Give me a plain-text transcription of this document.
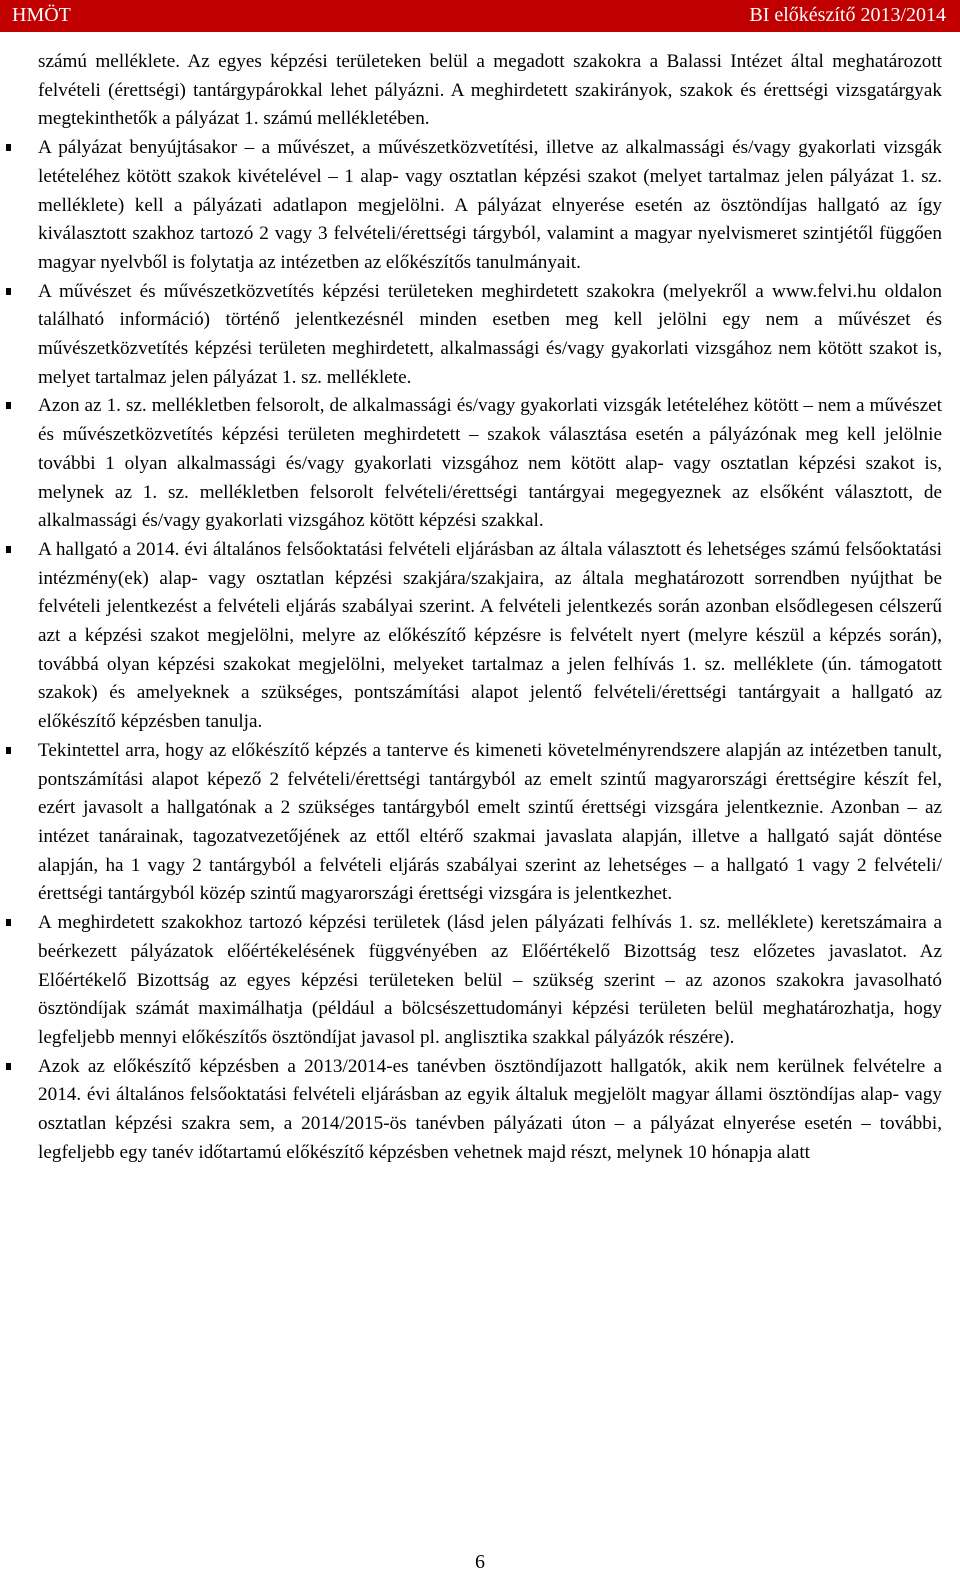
HMÖT	BI előkészítő 2013/2014

számú melléklete. Az egyes képzési területeken belül a megadott szakokra a Balassi Intézet által meghatározott felvételi (érettségi) tantárgypárokkal lehet pályázni. A meghirdetett szakirányok, szakok és érettségi vizsgatárgyak megtekinthetők a pályázat 1. számú mellékletében.

A pályázat benyújtásakor – a művészet, a művészetközvetítési, illetve az alkalmassági és/vagy gyakorlati vizsgák letételéhez kötött szakok kivételével – 1 alap- vagy osztatlan képzési szakot (melyet tartalmaz jelen pályázat 1. sz. melléklete) kell a pályázati adatlapon megjelölni. A pályázat elnyerése esetén az ösztöndíjas hallgató az így kiválasztott szakhoz tartozó 2 vagy 3 felvételi/érettségi tárgyból, valamint a magyar nyelvismeret szintjétől függően magyar nyelvből is folytatja az intézetben az előkészítős tanulmányait.
A művészet és művészetközvetítés képzési területeken meghirdetett szakokra (melyekről a www.felvi.hu oldalon található információ) történő jelentkezésnél minden esetben meg kell jelölni egy nem a művészet és művészetközvetítés képzési területen meghirdetett, alkalmassági és/vagy gyakorlati vizsgához nem kötött szakot is, melyet tartalmaz jelen pályázat 1. sz. melléklete.
Azon az 1. sz. mellékletben felsorolt, de alkalmassági és/vagy gyakorlati vizsgák letételéhez kötött – nem a művészet és művészetközvetítés képzési területen meghirdetett – szakok választása esetén a pályázónak meg kell jelölnie további 1 olyan alkalmassági és/vagy gyakorlati vizsgához nem kötött alap- vagy osztatlan képzési szakot is, melynek az 1. sz. mellékletben felsorolt felvételi/érettségi tantárgyai megegyeznek az elsőként választott, de alkalmassági és/vagy gyakorlati vizsgához kötött képzési szakkal.
A hallgató a 2014. évi általános felsőoktatási felvételi eljárásban az általa választott és lehetséges számú felsőoktatási intézmény(ek) alap- vagy osztatlan képzési szakjára/szakjaira, az általa meghatározott sorrendben nyújthat be felvételi jelentkezést a felvételi eljárás szabályai szerint. A felvételi jelentkezés során azonban elsődlegesen célszerű azt a képzési szakot megjelölni, melyre az előkészítő képzésre is felvételt nyert (melyre készül a képzés során), továbbá olyan képzési szakokat megjelölni, melyeket tartalmaz a jelen felhívás 1. sz. melléklete (ún. támogatott szakok) és amelyeknek a szükséges, pontszámítási alapot jelentő felvételi/érettségi tantárgyait a hallgató az előkészítő képzésben tanulja.
Tekintettel arra, hogy az előkészítő képzés a tanterve és kimeneti követelményrendszere alapján az intézetben tanult, pontszámítási alapot képező 2 felvételi/érettségi tantárgyból az emelt szintű magyarországi érettségire készít fel, ezért javasolt a hallgatónak a 2 szükséges tantárgyból emelt szintű érettségi vizsgára jelentkeznie. Azonban – az intézet tanárainak, tagozatvezetőjének az ettől eltérő szakmai javaslata alapján, illetve a hallgató saját döntése alapján, ha 1 vagy 2 tantárgyból a felvételi eljárás szabályai szerint az lehetséges – a hallgató 1 vagy 2 felvételi/érettségi tantárgyból közép szintű magyarországi érettségi vizsgára is jelentkezhet.
A meghirdetett szakokhoz tartozó képzési területek (lásd jelen pályázati felhívás 1. sz. melléklete) keretszámaira a beérkezett pályázatok előértékelésének függvényében az Előértékelő Bizottság tesz előzetes javaslatot. Az Előértékelő Bizottság az egyes képzési területeken belül – szükség szerint – az azonos szakokra javasolható ösztöndíjak számát maximálhatja (például a bölcsészettudományi képzési területen belül meghatározhatja, hogy legfeljebb mennyi előkészítős ösztöndíjat javasol pl. anglisztika szakkal pályázók részére).
Azok az előkészítő képzésben a 2013/2014-es tanévben ösztöndíjazott hallgatók, akik nem kerülnek felvételre a 2014. évi általános felsőoktatási felvételi eljárásban az egyik általuk megjelölt magyar állami ösztöndíjas alap- vagy osztatlan képzési szakra sem, a 2014/2015-ös tanévben pályázati úton – a pályázat elnyerése esetén – további, legfeljebb egy tanév időtartamú előkészítő képzésben vehetnek majd részt, melynek 10 hónapja alatt
6
